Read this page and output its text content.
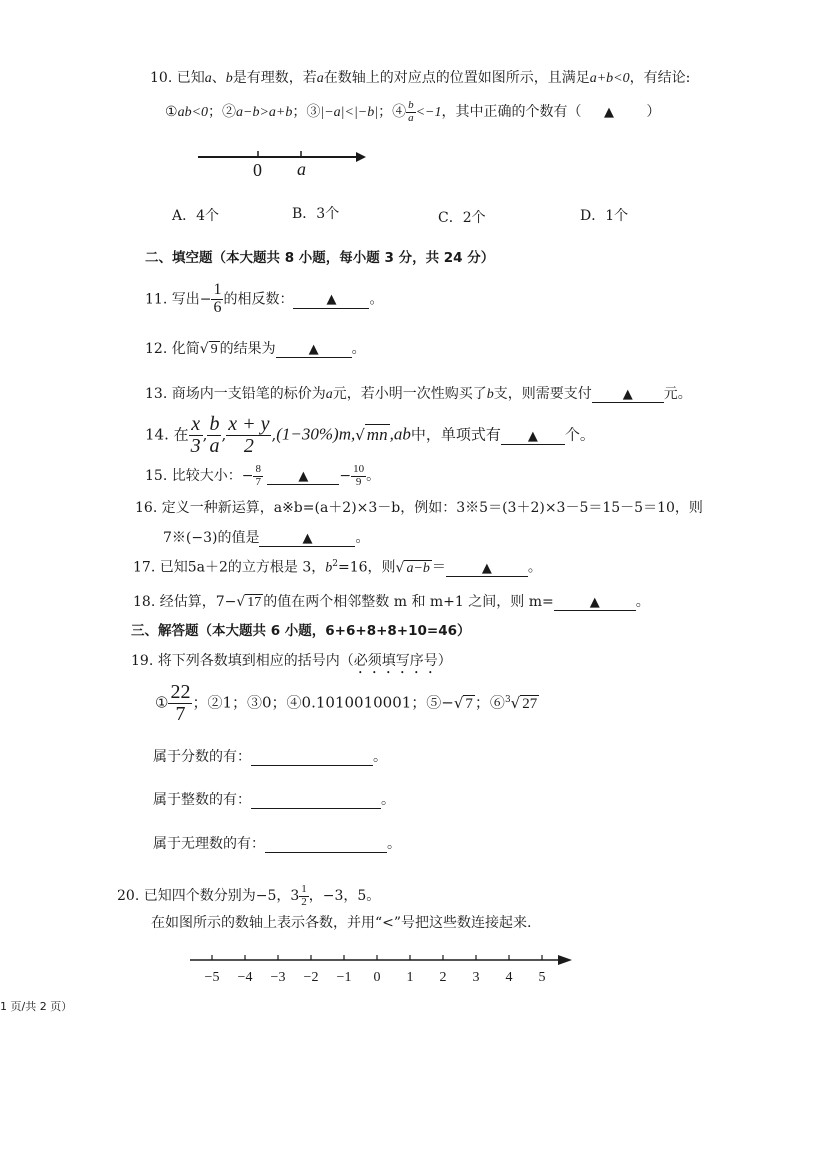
10. 已知a、b是有理数，若a在数轴上的对应点的位置如图所示，且满足a+b<0，有结论:
①ab<0；②a−b>a+b；③|−a|<|−b|；④ $\frac{b}{a} <-1$，其中正确的个数有（ ▲ ）
0 a
A．4个	B．3个	C．2个	D．1个
二、填空题（本大题共 8 小题，每小题 3 分，共 24 分）
11. 写出− $\frac{1}{6}$ 的相反数：	▲ 。
12. 化简√ 9 的结果为	▲ 。
13. 商场内一支铅笔的标价为a元，若小明一次性购买了b支，则需要支付 ▲ 元。
14. 在 $\frac{x}{3}$ , $\frac{b}{a}$ , $\frac{x + y}{2} ,(1-30\%)m,√$ mn ,ab中，单项式有 ▲ 个。
15. 比较大小：− $\frac{8}{7}$	▲ − $\frac{10}{9}$ 。
16. 定义一种新运算，a※b=(a＋2)×3－b，例如：3※5＝(3＋2)×3－5＝15－5＝10，则
7※(−3)的值是	▲	。
17. 已知5a＋2的立方根是 3，$b^2=16$，则√ a−b ＝	▲	。
18. 经估算，7−√ 17 的值在两个相邻整数 m 和 m+1 之间，则 m=	▲	。
三、解答题（本大题共 6 小题，6+6+8+8+10=46）
19. 将下列各数填到相应的括号内（必须填写序号）
① $\frac{22}{7}$ ；②1；③0；④0.1010010001；⑤−√ 7 ；⑥$^3$√ 27
属于分数的有：	。
属于整数的有：	。
属于无理数的有：	。
20. 已知四个数分别为−5，$3 \frac{1}{2}$ ，−3，5。
在如图所示的数轴上表示各数，并用“<”号把这些数连接起来.
−5 −4 −3 −2 −1 0 1 2 3 4 5
1 页/共 2 页）
